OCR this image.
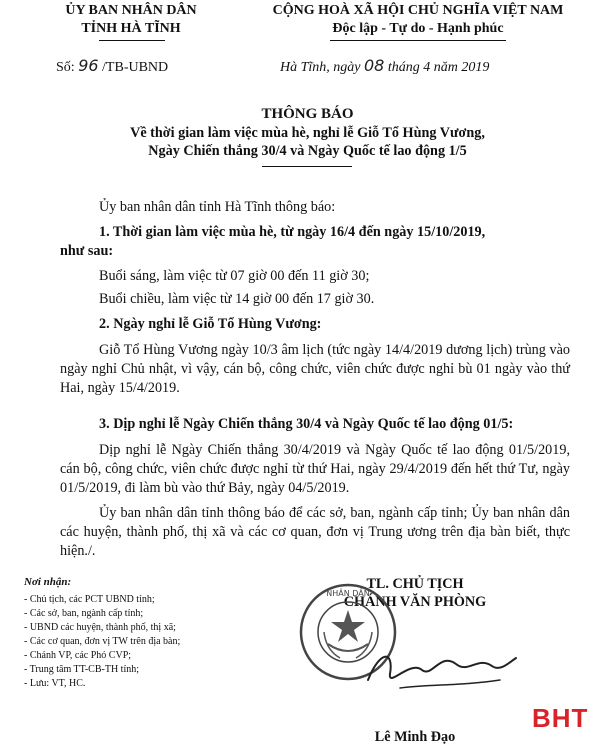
ỦY BAN NHÂN DÂN
TỈNH HÀ TĨNH
CỘNG HOÀ XÃ HỘI CHỦ NGHĨA VIỆT NAM
Độc lập - Tự do - Hạnh phúc
Số: 96 /TB-UBND	Hà Tĩnh, ngày 08 tháng 4 năm 2019
THÔNG BÁO
Về thời gian làm việc mùa hè, nghỉ lễ Giỗ Tổ Hùng Vương,
Ngày Chiến thắng 30/4 và Ngày Quốc tế lao động 1/5
Ủy ban nhân dân tỉnh Hà Tĩnh thông báo:
1. Thời gian làm việc mùa hè, từ ngày 16/4 đến ngày 15/10/2019,
như sau:
Buổi sáng, làm việc từ 07 giờ 00 đến 11 giờ 30;
Buổi chiều, làm việc từ 14 giờ 00 đến 17 giờ 30.
2. Ngày nghỉ lễ Giỗ Tổ Hùng Vương:
Giỗ Tổ Hùng Vương ngày 10/3 âm lịch (tức ngày 14/4/2019 dương lịch) trùng vào ngày nghỉ Chủ nhật, vì vậy, cán bộ, công chức, viên chức được nghỉ bù 01 ngày vào thứ Hai, ngày 15/4/2019.
3. Dịp nghỉ lễ Ngày Chiến thắng 30/4 và Ngày Quốc tế lao động 01/5:
Dịp nghỉ lễ Ngày Chiến thắng 30/4/2019 và Ngày Quốc tế lao động 01/5/2019, cán bộ, công chức, viên chức được nghỉ từ thứ Hai, ngày 29/4/2019 đến hết thứ Tư, ngày 01/5/2019, đi làm bù vào thứ Bảy, ngày 04/5/2019.
Ủy ban nhân dân tỉnh thông báo để các sở, ban, ngành cấp tỉnh; Ủy ban nhân dân các huyện, thành phố, thị xã và các cơ quan, đơn vị Trung ương trên địa bàn biết, thực hiện./.
Nơi nhận:
- Chủ tịch, các PCT UBND tỉnh;
- Các sở, ban, ngành cấp tỉnh;
- UBND các huyện, thành phố, thị xã;
- Các cơ quan, đơn vị TW trên địa bàn;
- Chánh VP, các Phó CVP;
- Trung tâm TT-CB-TH tỉnh;
- Lưu: VT, HC.
TL. CHỦ TỊCH
CHÁNH VĂN PHÒNG
NHÂN DÂN
Lê Minh Đạo
BHT
